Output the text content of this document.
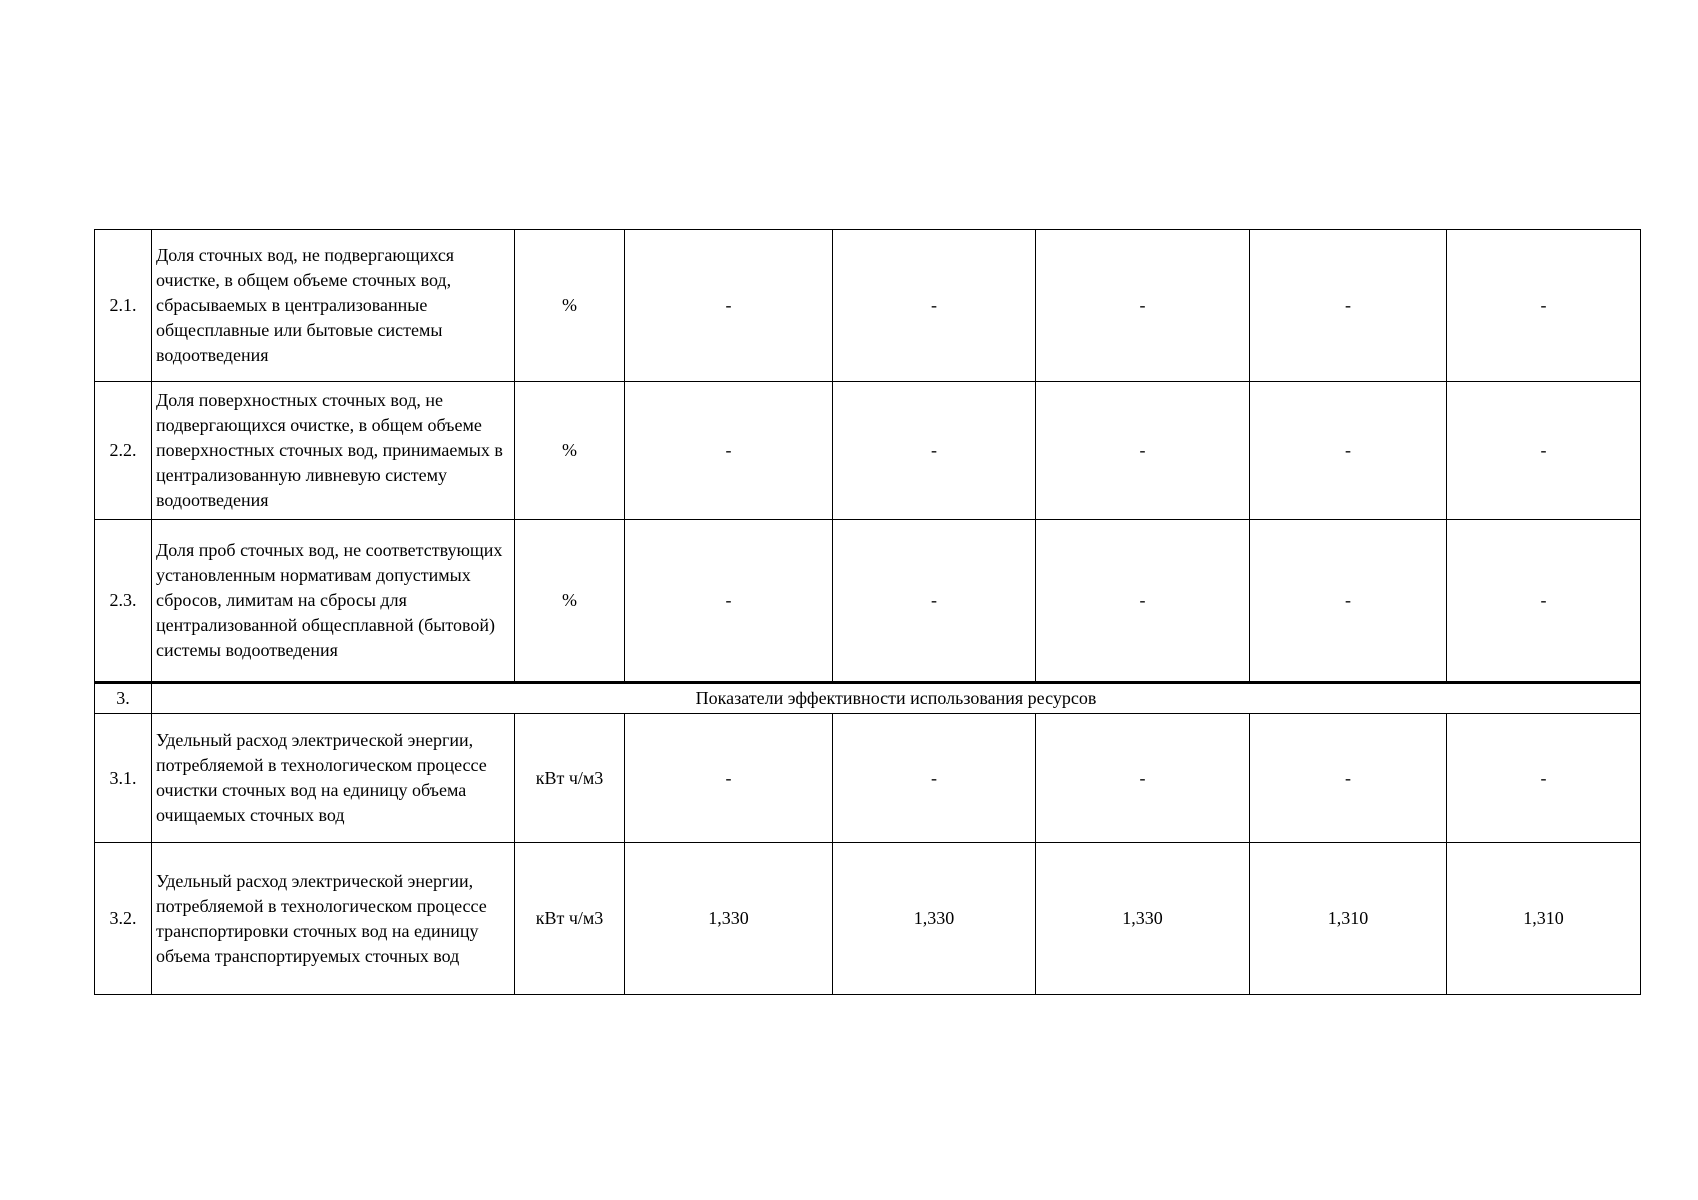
2.1.	Доля сточных вод, не подвергающихся очистке, в общем объеме сточных вод, сбрасываемых в централизованные общесплавные или бытовые системы водоотведения	%	-	-	-	-	-
2.2.	Доля поверхностных сточных вод, не подвергающихся очистке, в общем объеме поверхностных сточных вод, принимаемых в централизованную ливневую систему водоотведения	%	-	-	-	-	-
2.3.	Доля проб сточных вод, не соответствующих установленным нормативам допустимых сбросов, лимитам на сбросы для централизованной общесплавной (бытовой) системы водоотведения	%	-	-	-	-	-
3.	Показатели эффективности использования ресурсов						
3.1.	Удельный расход электрической энергии, потребляемой в технологическом процессе очистки сточных вод на единицу объема очищаемых сточных вод	кВт ч/м3	-	-	-	-	-
3.2.	Удельный расход электрической энергии, потребляемой в технологическом процессе транспортировки сточных вод на единицу объема транспортируемых сточных вод	кВт ч/м3	1,330	1,330	1,330	1,310	1,310
